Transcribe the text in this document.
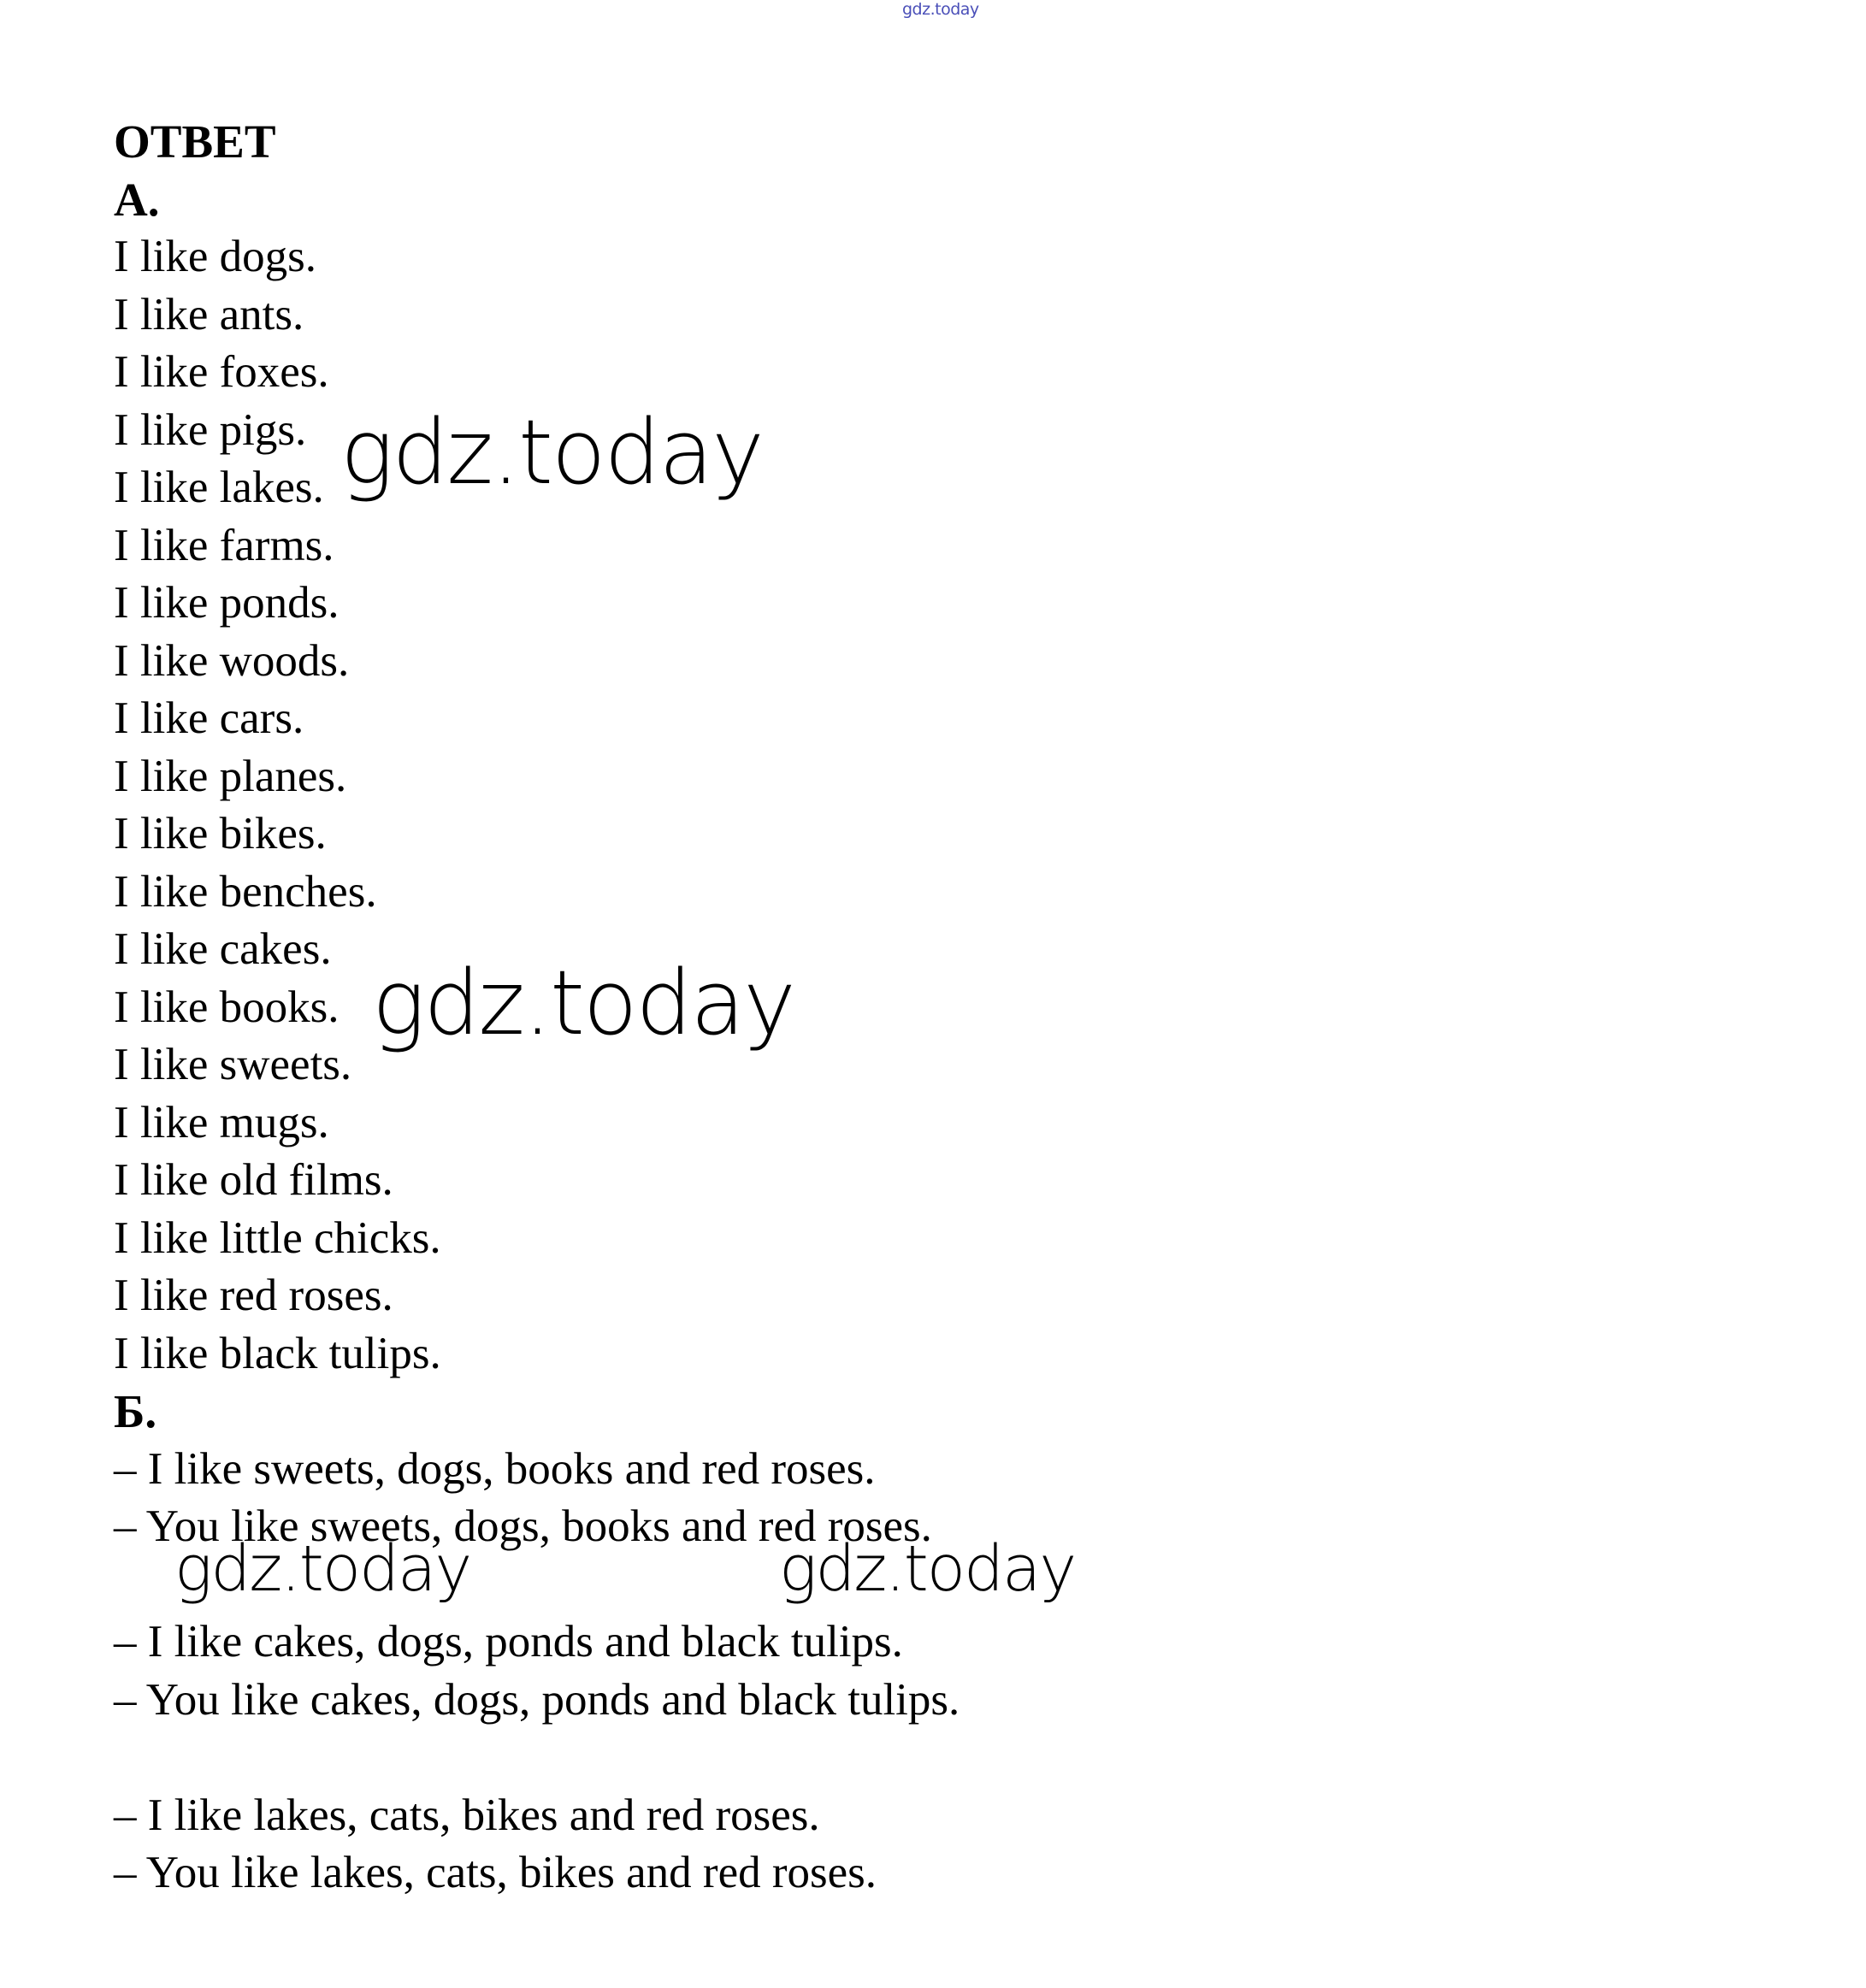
gdz.today
ОТВЕТ
А.
I like dogs.
I like ants.
I like foxes.
I like pigs.
I like lakes.
I like farms.
I like ponds.
I like woods.
I like cars.
I like planes.
I like bikes.
I like benches.
I like cakes.
I like books.
I like sweets.
I like mugs.
I like old films.
I like little chicks.
I like red roses.
I like black tulips.
Б.
– I like sweets, dogs, books and red roses.
– You like sweets, dogs, books and red roses.
– I like cakes, dogs, ponds and black tulips.
– You like cakes, dogs, ponds and black tulips.
– I like lakes, cats, bikes and red roses.
– You like lakes, cats, bikes and red roses.
gdz.today
gdz.today
gdz.today	gdz.today
